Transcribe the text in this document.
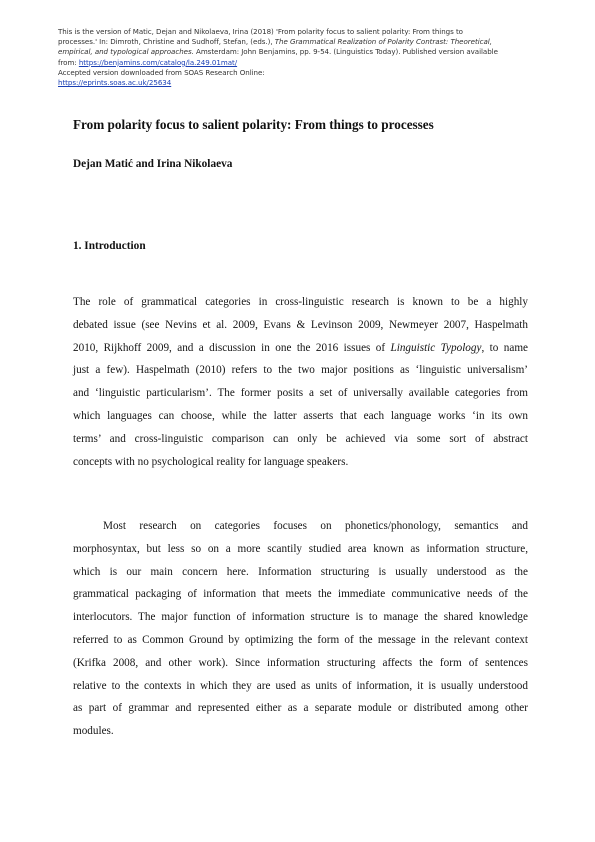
This is the version of Matic, Dejan and Nikolaeva, Irina (2018) 'From polarity focus to salient polarity: From things to
processes.' In: Dimroth, Christine and Sudhoff, Stefan, (eds.), The Grammatical Realization of Polarity Contrast: Theoretical,
empirical, and typological approaches. Amsterdam: John Benjamins, pp. 9-54. (Linguistics Today). Published version available
from: https://benjamins.com/catalog/la.249.01mat/
Accepted version downloaded from SOAS Research Online:
https://eprints.soas.ac.uk/25634
From polarity focus to salient polarity: From things to processes
Dejan Matić and Irina Nikolaeva
1. Introduction
The role of grammatical categories in cross-linguistic research is known to be a highly
debated issue (see Nevins et al. 2009, Evans & Levinson 2009, Newmeyer 2007, Haspelmath
2010, Rijkhoff 2009, and a discussion in one the 2016 issues of Linguistic Typology, to name
just a few). Haspelmath (2010) refers to the two major positions as ‘linguistic universalism’
and ‘linguistic particularism’. The former posits a set of universally available categories from
which languages can choose, while the latter asserts that each language works ‘in its own
terms’ and cross-linguistic comparison can only be achieved via some sort of abstract
concepts with no psychological reality for language speakers.
Most research on categories focuses on phonetics/phonology, semantics and
morphosyntax, but less so on a more scantily studied area known as information structure,
which is our main concern here. Information structuring is usually understood as the
grammatical packaging of information that meets the immediate communicative needs of the
interlocutors. The major function of information structure is to manage the shared knowledge
referred to as Common Ground by optimizing the form of the message in the relevant context
(Krifka 2008, and other work). Since information structuring affects the form of sentences
relative to the contexts in which they are used as units of information, it is usually understood
as part of grammar and represented either as a separate module or distributed among other
modules.
